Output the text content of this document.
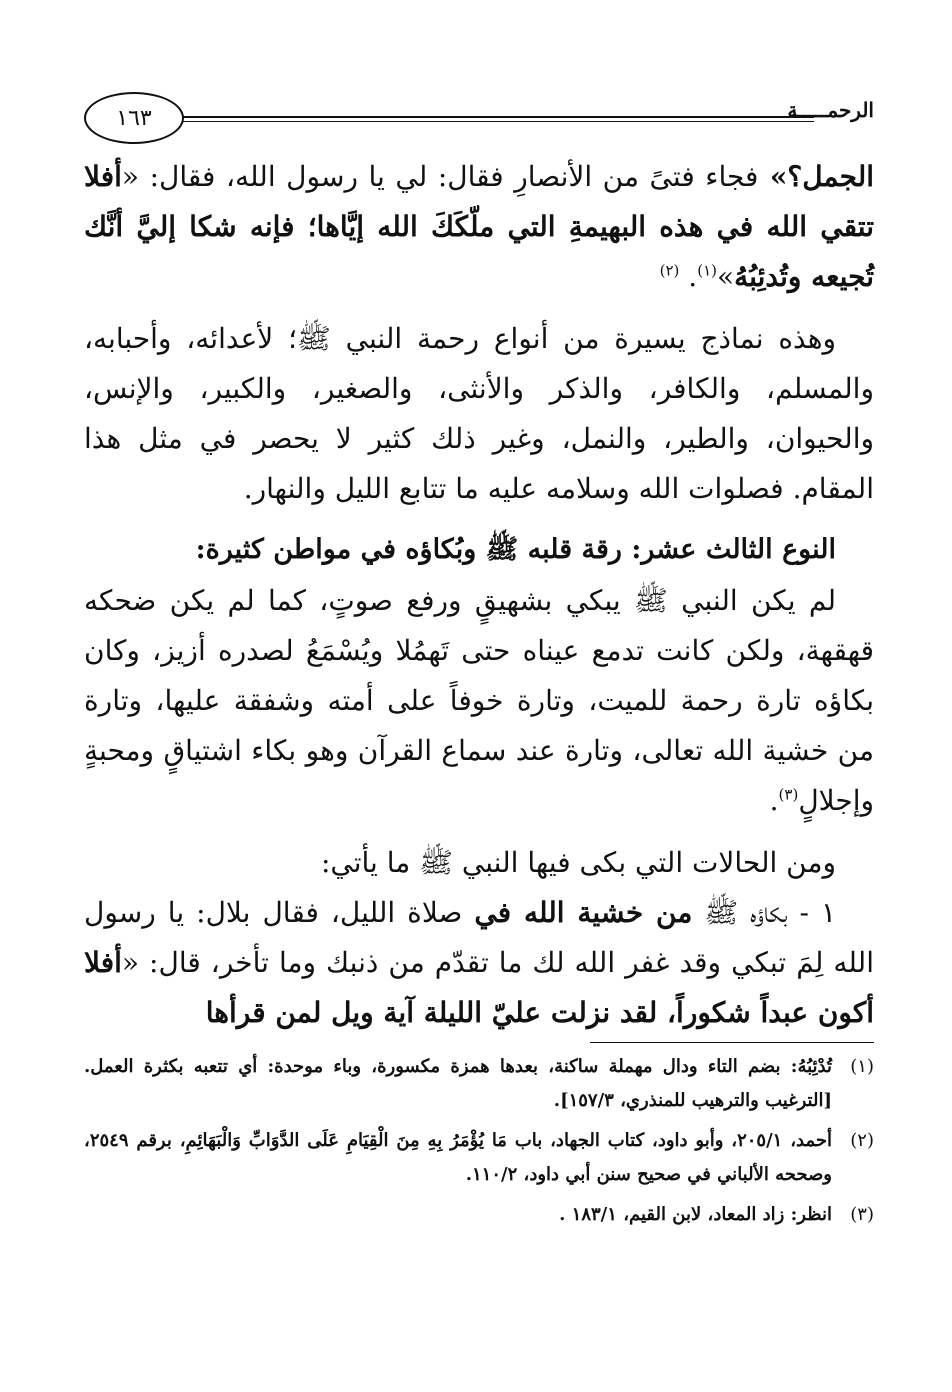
الرحمـــــة
١٦٣

الجمل؟» فجاء فتىً من الأنصارِ فقال: لي يا رسول الله، فقال: «أفلا تتقي الله في هذه البهيمةِ التي ملّكَكَ الله إيَّاها؛ فإنه شكا إليَّ أنَّك تُجيعه وتُدئِبُهُ»$^{(١)}$. $^{(٢)}$

وهذه نماذج يسيرة من أنواع رحمة النبي ﷺ؛ لأعدائه، وأحبابه، والمسلم، والكافر، والذكر والأنثى، والصغير، والكبير، والإنس، والحيوان، والطير، والنمل، وغير ذلك كثير لا يحصر في مثل هذا المقام. فصلوات الله وسلامه عليه ما تتابع الليل والنهار.

النوع الثالث عشر: رقة قلبه ﷺ وبُكاؤه في مواطن كثيرة:

لم يكن النبي ﷺ يبكي بشهيقٍ ورفع صوتٍ، كما لم يكن ضحكه قهقهة، ولكن كانت تدمع عيناه حتى تَهمُلا ويُسْمَعُ لصدره أزيز، وكان بكاؤه تارة رحمة للميت، وتارة خوفاً على أمته وشفقة عليها، وتارة من خشية الله تعالى، وتارة عند سماع القرآن وهو بكاء اشتياقٍ ومحبةٍ وإجلالٍ$^{(٣)}$.

ومن الحالات التي بكى فيها النبي ﷺ ما يأتي:

١ - بكاؤه ﷺ من خشية الله في صلاة الليل، فقال بلال: يا رسول الله لِمَ تبكي وقد غفر الله لك ما تقدّم من ذنبك وما تأخر، قال: «أفلا أكون عبداً شكوراً، لقد نزلت عليّ الليلة آية ويل لمن قرأها

(١)
تُدْئِبُهُ: بضم التاء ودال مهملة ساكنة، بعدها همزة مكسورة، وباء موحدة: أي تتعبه بكثرة العمل. [الترغيب والترهيب للمنذري، ١٥٧/٣].
(٢)
أحمد، ٢٠٥/١، وأبو داود، كتاب الجهاد، باب مَا يُؤْمَرُ بِهِ مِنَ الْقِيَامِ عَلَى الدَّوَابِّ وَالْبَهَائِمِ، برقم ٢٥٤٩، وصححه الألباني في صحيح سنن أبي داود، ١١٠/٢.
(٣)
انظر: زاد المعاد، لابن القيم، ١٨٣/١ .
